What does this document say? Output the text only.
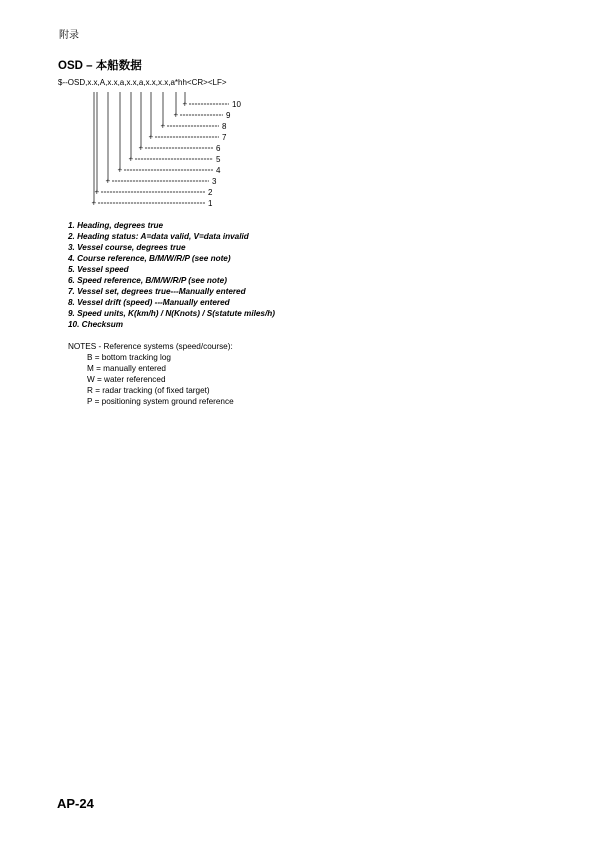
附录
OSD – 本船数据
$--OSD,x.x,A,x.x,a,x.x,a,x.x,x.x,a*hh<CR><LF>
+	10
+	9
+	8
+	7
+	6
+	5
+	4
+	3
+	2
+	1
1. Heading, degrees true
2. Heading status: A=data valid, V=data invalid
3. Vessel course, degrees true
4. Course reference, B/M/W/R/P (see note)
5. Vessel speed
6. Speed reference, B/M/W/R/P (see note)
7. Vessel set, degrees true---Manually entered
8. Vessel drift (speed) ---Manually entered
9. Speed units, K(km/h) / N(Knots) / S(statute miles/h)
10. Checksum

NOTES - Reference systems (speed/course):

B = bottom tracking log
M = manually entered
W = water referenced
R = radar tracking (of fixed target)
P = positioning system ground reference
AP-24
